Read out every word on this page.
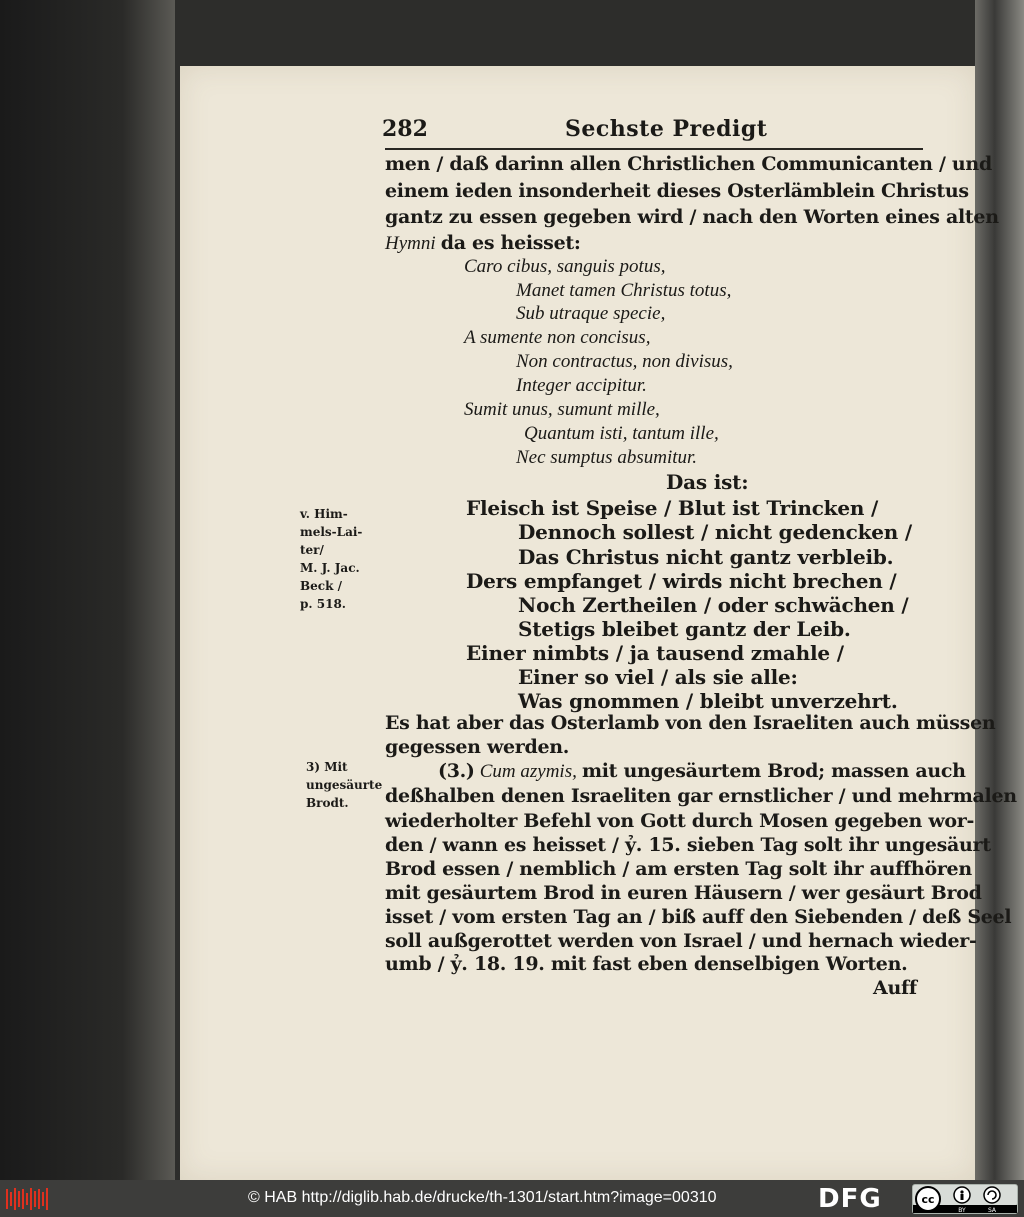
282	Sechste Predigt
men / daß darinn allen Christlichen Communicanten / und
einem ieden insonderheit dieses Osterlämblein Christus
gantz zu essen gegeben wird / nach den Worten eines alten
Hymni da es heisset:
Caro cibus, sanguis potus,
Manet tamen Christus totus,
Sub utraque specie,
A sumente non concisus,
Non contractus, non divisus,
Integer accipitur.
Sumit unus, sumunt mille,
Quantum isti, tantum ille,
Nec sumptus absumitur.
Das ist:
Fleisch ist Speise / Blut ist Trincken /
Dennoch sollest / nicht gedencken /
Das Christus nicht gantz verbleib.
Ders empfanget / wirds nicht brechen /
Noch Zertheilen / oder schwächen /
Stetigs bleibet gantz der Leib.
Einer nimbts / ja tausend zmahle /
Einer so viel / als sie alle:
Was gnommen / bleibt unverzehrt.
Es hat aber das Osterlamb von den Israeliten auch müssen
gegessen werden.
(3.) Cum azymis, mit ungesäurtem Brod; massen auch
deßhalben denen Israeliten gar ernstlicher / und mehrmalen
wiederholter Befehl von Gott durch Mosen gegeben wor-
den / wann es heisset / ỷ. 15. sieben Tag solt ihr ungesäurt
Brod essen / nemblich / am ersten Tag solt ihr auffhören
mit gesäurtem Brod in euren Häusern / wer gesäurt Brod
isset / vom ersten Tag an / biß auff den Siebenden / deß Seel
soll außgerottet werden von Israel / und hernach wieder-
umb / ỷ. 18. 19. mit fast eben denselbigen Worten.
Auff
v. Him-
mels-Lai-
ter/
M. J. Jac.
Beck /
p. 518.
3) Mit
ungesäurte
Brodt.
© HAB http://diglib.hab.de/drucke/th-1301/start.htm?image=00310	DFG	cc
BY	SA
